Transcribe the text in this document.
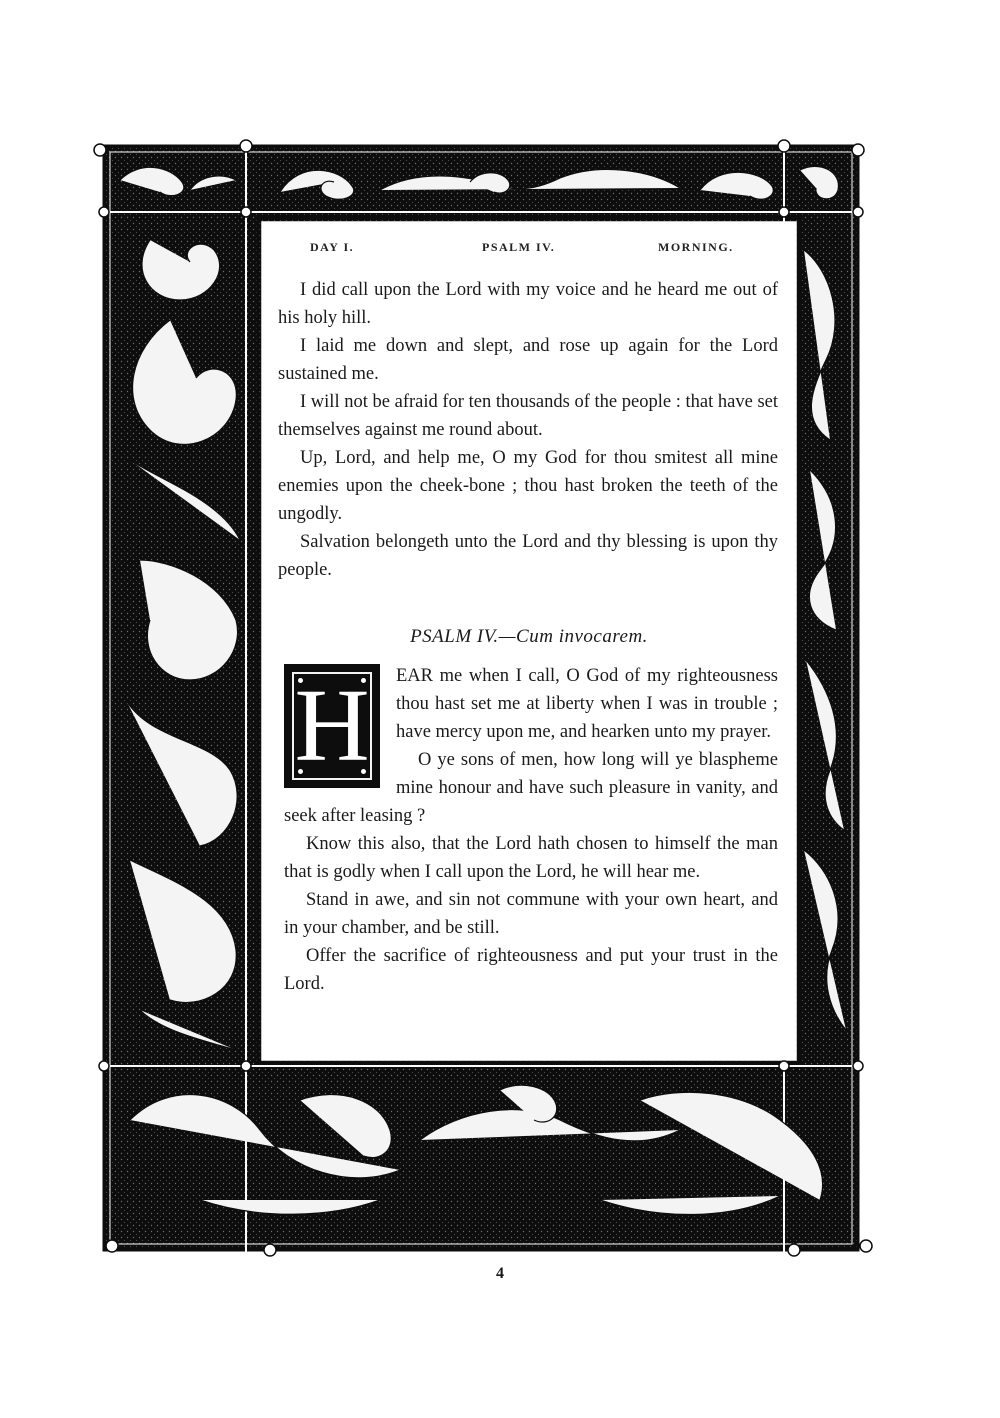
DAY I.	PSALM IV.	MORNING.

I did call upon the Lord with my voice and he heard me out of his holy hill.

I laid me down and slept, and rose up again for the Lord sustained me.

I will not be afraid for ten thousands of the people : that have set themselves against me round about.

Up, Lord, and help me, O my God for thou smitest all mine enemies upon the cheek-bone ; thou hast broken the teeth of the ungodly.

Salvation belongeth unto the Lord and thy blessing is upon thy people.

PSALM IV.—Cum invocarem.
H	EAR me when I call, O God of my righteousness thou hast set me at liberty when I was in trouble ; have mercy upon me, and hearken unto my prayer.

O ye sons of men, how long will ye blaspheme mine honour and have such pleasure in vanity, and seek after leasing ?

Know this also, that the Lord hath chosen to himself the man that is godly when I call upon the Lord, he will hear me.

Stand in awe, and sin not commune with your own heart, and in your chamber, and be still.

Offer the sacrifice of righteousness and put your trust in the Lord.

4
